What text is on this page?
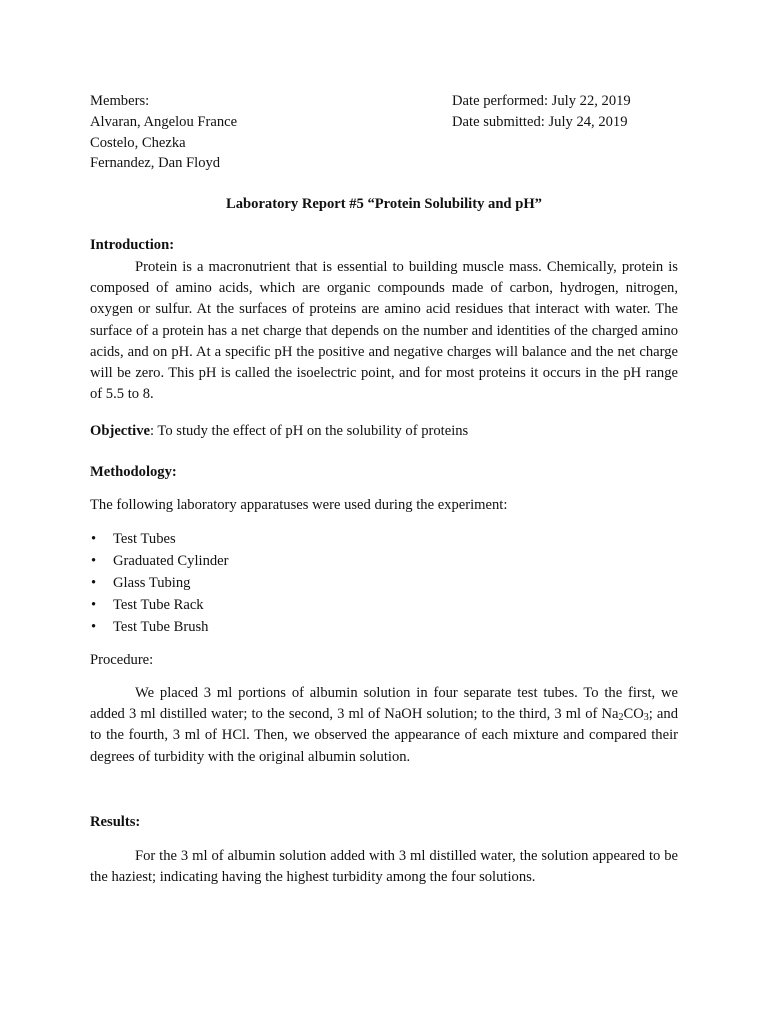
Members:
Alvaran, Angelou France
Costelo, Chezka
Fernandez, Dan Floyd
Date performed: July 22, 2019
Date submitted: July 24, 2019
Laboratory Report #5 “Protein Solubility and pH”
Introduction:

Protein is a macronutrient that is essential to building muscle mass. Chemically, protein is composed of amino acids, which are organic compounds made of carbon, hydrogen, nitrogen, oxygen or sulfur. At the surfaces of proteins are amino acid residues that interact with water. The surface of a protein has a net charge that depends on the number and identities of the charged amino acids, and on pH. At a specific pH the positive and negative charges will balance and the net charge will be zero. This pH is called the isoelectric point, and for most proteins it occurs in the pH range of 5.5 to 8.

Objective: To study the effect of pH on the solubility of proteins
Methodology:
The following laboratory apparatuses were used during the experiment:
• Test Tubes
• Graduated Cylinder
• Glass Tubing
• Test Tube Rack
• Test Tube Brush
Procedure:

We placed 3 ml portions of albumin solution in four separate test tubes. To the first, we added 3 ml distilled water; to the second, 3 ml of NaOH solution; to the third, 3 ml of $Na_2CO_3$; and to the fourth, 3 ml of HCl. Then, we observed the appearance of each mixture and compared their degrees of turbidity with the original albumin solution.

Results:

For the 3 ml of albumin solution added with 3 ml distilled water, the solution appeared to be the haziest; indicating having the highest turbidity among the four solutions.
